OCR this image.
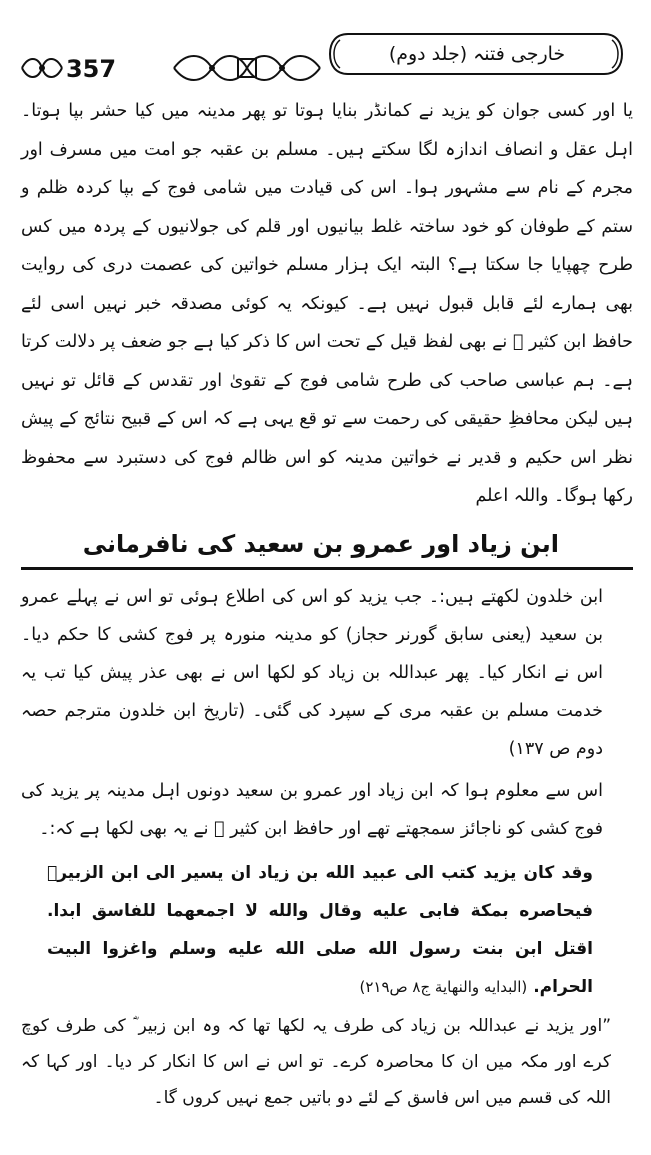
357
خارجی فتنہ (جلد دوم)

یا اور کسی جوان کو یزید نے کمانڈر بنایا ہوتا تو پھر مدینہ میں کیا حشر بپا ہوتا۔ اہل عقل و انصاف اندازہ لگا سکتے ہیں۔ مسلم بن عقبہ جو امت میں مسرف اور مجرم کے نام سے مشہور ہوا۔ اس کی قیادت میں شامی فوج کے بپا کردہ ظلم و ستم کے طوفان کو خود ساختہ غلط بیانیوں اور قلم کی جولانیوں کے پردہ میں کس طرح چھپایا جا سکتا ہے؟ البتہ ایک ہزار مسلم خواتین کی عصمت دری کی روایت بھی ہمارے لئے قابل قبول نہیں ہے۔ کیونکہ یہ کوئی مصدقہ خبر نہیں اسی لئے حافظ ابن کثیر ﷫ نے بھی لفظ قیل کے تحت اس کا ذکر کیا ہے جو ضعف پر دلالت کرتا ہے۔ ہم عباسی صاحب کی طرح شامی فوج کے تقویٰ اور تقدس کے قائل تو نہیں ہیں لیکن محافظِ حقیقی کی رحمت سے تو قع یہی ہے کہ اس کے قبیح نتائج کے پیش نظر اس حکیم و قدیر نے خواتین مدینہ کو اس ظالم فوج کی دستبرد سے محفوظ رکھا ہوگا۔ واللہ اعلم

ابن زیاد اور عمرو بن سعید کی نافرمانی

ابن خلدون لکھتے ہیں:۔ جب یزید کو اس کی اطلاع ہوئی تو اس نے پہلے عمرو بن سعید (یعنی سابق گورنر حجاز) کو مدینہ منورہ پر فوج کشی کا حکم دیا۔ اس نے انکار کیا۔ پھر عبداللہ بن زیاد کو لکھا اس نے بھی عذر پیش کیا تب یہ خدمت مسلم بن عقبہ مری کے سپرد کی گئی۔ (تاریخ ابن خلدون مترجم حصہ دوم ص ۱۳۷)

اس سے معلوم ہوا کہ ابن زیاد اور عمرو بن سعید دونوں اہل مدینہ پر یزید کی فوج کشی کو ناجائز سمجھتے تھے اور حافظ ابن کثیر ﷫ نے یہ بھی لکھا ہے کہ:۔

وقد كان يزيد كتب الى عبيد الله بن زياد ان يسير الى ابن الزبيرؓ فيحاصره بمكة فابى عليه وقال والله لا اجمعهما للفاسق ابدا. اقتل ابن بنت رسول الله صلى الله عليه وسلم واغزوا البيت الحرام. (البدايه والنهاية ج۸ ص۲۱۹)

”اور یزید نے عبداللہ بن زیاد کی طرف یہ لکھا تھا کہ وہ ابن زبیر ؓ کی طرف کوچ کرے اور مکہ میں ان کا محاصرہ کرے۔ تو اس نے اس کا انکار کر دیا۔ اور کہا کہ اللہ کی قسم میں اس فاسق کے لئے دو باتیں جمع نہیں کروں گا۔
